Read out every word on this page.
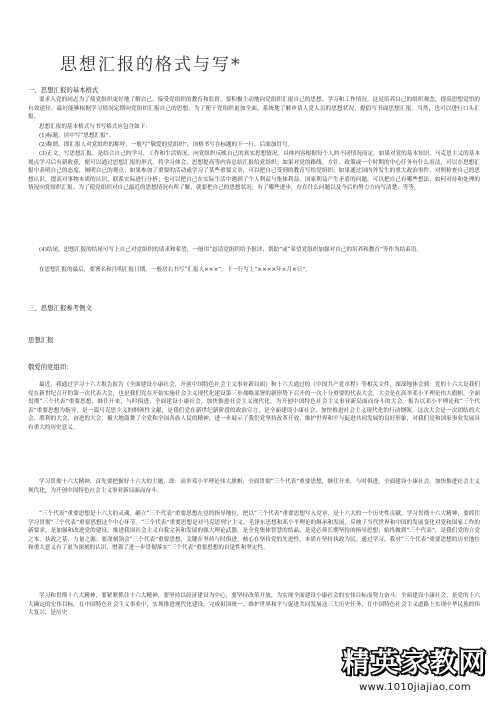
思想汇报的格式与写*
一、思想汇报的基本格式
要求入党的同志为了使党组织更好地了解自己，接受党组织的教育和监督，要积极主动地向党组织汇报自己的思想、学习和工作情况。这是培养自己的组织观念，提高思想觉悟的有效途径。最好能够根据学习情况定期向党组织汇报自己的思想。为了便于党组织更加全面、系统地了解申请人党人员的思想状况，提倡写书面思想汇报。当然，也可以进行口头汇报。
思想汇报的基本格式与书写格式应包含如下：
(1)标题。居中写“思想汇报”。
(2)称谓。即汇报人对党组织的称呼，一般写“敬爱的党组织”。顶格书写在标题的下一行，后面加冒号。
(3)正文。写思想汇报，是结合自己的学习、工作和生活情况，向党组织反映自己的真实思想情况。具体内容根据每个人的不同情况而定。如果对党的基本知识、马克思主义的基本观点学习后有新收获，便可以通过思想汇报的形式，将学习体会、思想提高等内容总结汇报给党组织；如果对党的路线、方针、政策或一个时期的中心任务有什么看法，可以在思想汇报中表明自己的态度，阐明自己的观点；如果参加了重要的活动或学习了某些重要文章，可以把自己受到的教育写给党组织；如果通过国内外发生的重大政治事件，对照检查自己的思想认识，提高对事物本质的认识，联系实际进行分析；也可以把自己在实际生活中遇到了个人利益与集体利益、国家利益产生矛盾的问题，可以把自己有哪些想法，如何对待和处理的情况向党组织汇报；为了使党组织对自己最近的思想情况有所了解，就要把自己的思想状况、有了哪些进步，存在什么问题以及今后的努力方向写清楚，等等。
(4)结尾。思想汇报的结尾可写上自己对党组织的请求和希望，一般用“恳请党组织给予批评、帮助”或“希望党组织加强对自己的培养和教育”等作为结束语。
在思想汇报的最后，要署名和注明汇报日期。一般居右书写“汇报人×××”，下一行写上“××××年×月×日”。
三、思想汇报参考例文
思想汇报
敬爱的党组织：
最近，我通过学习十六大报告报告《全面建设小康社会，开创中国特色社会主义事业新局面》和十六大通过的《中国共产党章程》等相关文件，深深地体会到：党的十六大是我们党在新世纪召开的第一次代表大会，也是我们党在开始实施社会主义现代化建设第三步战略部署的新形势下召开的一次十分重要的代表大会，大会是在高举邓小平理论伟大旗帜，全面贯彻“三个代表”重要思想，继往开来，与时俱进，全面建设小康社会，加快推进社会主义现代化，为开创中国特色社会主义事业新局面而奋斗的大会。报告以邓小平理论和“三个代表”重要思想为指导，是一篇马克思主义的纲领性文献，是我们党在新世纪新阶段的政治宣言，是全面建设小康社会、加快推进社会主义现代化的行动纲领。这次大会是一次团结的大会、胜利的大会、奋进的大会，极大地鼓舞了全党和全国各族人民的精神，进一步展示了我们党坚持改革开放、维护世界和平与促进共同发展的良好形象，对我们党和国家事业发展具有重大的历史意义。
学习贯彻十六大精神，首先要把握好十六大的主题，即：高举邓小平理论伟大旗帜，全面贯彻“三个代表”重要思想，继往开来，与时俱进，全面建设小康社会，加快推进社会主义现代化，为开创中国特色社会主义事业新局面而奋斗。
“三个代表”重要思想是十六大的灵魂。确立“三个代表”重要思想在党的指导地位，把以“三个代表”重要思想写入党章，是十六大的一个历史性贡献。学习贯彻十六大精神，要抓住学习贯彻“三个代表”重要思想这个中心环节。“三个代表”重要思想是对马克思列宁主义、毛泽东思想和邓小平理论的继承和发展，反映了当代世界和中国的发展变化对党和国家工作的新要求，是加强和改进党的建设，推进我国社会主义自我完善和发展的强大理论武器，是全党集体智慧的结晶，是党必须长期坚持的指导思想；始终做到“三个代表”，是我们党的立党之本、执政之基、力量之源；要深刻领会“三个代表”重要思想，关键在坚持与时俱进，核心在坚持党的先进性，本质在坚持执政为民。通过学习，我对“三个代表”重要思想的历史地位和重大意义有了更为深刻的认识，增强了进一步贯彻落实“三个代表”重要思想的自觉性和坚定性。
学习和贯彻十六大精神，要紧紧抓住十六大精神，要坚持以经济建设为中心，要坚持改革开放，为实现全面建设小康社会的宏伟目标而努力奋斗。全面建设小康社会，是党的十六大确定的宏伟目标。在中国特色社会主义事业中，实现推进现代化建设、完成祖国统一、维护世界和平与促进共同发展这三大历史任务，在中国特色社会主义道路上实现中华民族的伟大复兴，是历史
精英家教网
www.1010jiajiao.com
